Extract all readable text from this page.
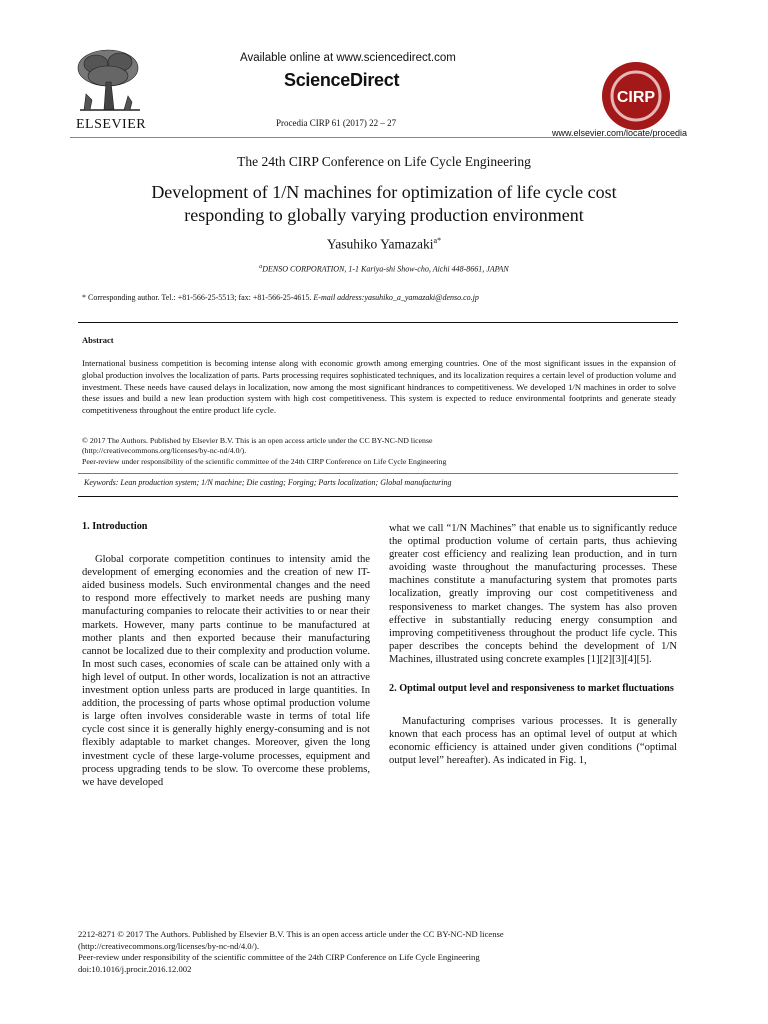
Available online at www.sciencedirect.com
ScienceDirect
Procedia CIRP 61 (2017) 22 – 27
ELSEVIER
CIRP
www.elsevier.com/locate/procedia
The 24th CIRP Conference on Life Cycle Engineering
Development of 1/N machines for optimization of life cycle cost
responding to globally varying production environment
Yasuhiko Yamazaki$^{a*}$
$^a$DENSO CORPORATION, 1-1 Kariya-shi Show-cho, Aichi 448-8661, JAPAN
* Corresponding author. Tel.: +81-566-25-5513; fax: +81-566-25-4615. E-mail address:yasuhiko_a_yamazaki@denso.co.jp
Abstract
International business competition is becoming intense along with economic growth among emerging countries. One of the most significant issues in the expansion of global production involves the localization of parts. Parts processing requires sophisticated techniques, and its localization requires a certain level of production volume and investment. These needs have caused delays in localization, now among the most significant hindrances to competitiveness. We developed 1/N machines in order to solve these issues and build a new lean production system with high cost competitiveness. This system is expected to reduce environmental footprints and generate steady competitiveness throughout the entire product life cycle.
© 2017 The Authors. Published by Elsevier B.V. This is an open access article under the CC BY-NC-ND license
(http://creativecommons.org/licenses/by-nc-nd/4.0/).
Peer-review under responsibility of the scientific committee of the 24th CIRP Conference on Life Cycle Engineering
Keywords: Lean production system; 1/N machine; Die casting; Forging; Parts localization; Global manufacturing

1. Introduction

Global corporate competition continues to intensity amid the development of emerging economies and the creation of new IT-aided business models. Such environmental changes and the need to respond more effectively to market needs are pushing many manufacturing companies to relocate their activities to or near their markets. However, many parts continue to be manufactured at mother plants and then exported because their manufacturing cannot be localized due to their complexity and production volume. In most such cases, economies of scale can be attained only with a high level of output. In other words, localization is not an attractive investment option unless parts are produced in large quantities. In addition, the processing of parts whose optimal production volume is large often involves considerable waste in terms of total life cycle cost since it is generally highly energy-consuming and is not flexibly adaptable to market changes. Moreover, given the long investment cycle of these large-volume processes, equipment and process upgrading tends to be slow. To overcome these problems, we have developed

what we call “1/N Machines” that enable us to significantly reduce the optimal production volume of certain parts, thus achieving greater cost efficiency and realizing lean production, and in turn avoiding waste throughout the manufacturing processes. These machines constitute a manufacturing system that promotes parts localization, greatly improving our cost competitiveness and responsiveness to market changes. The system has also proven effective in substantially reducing energy consumption and improving competitiveness throughout the product life cycle. This paper describes the concepts behind the development of 1/N Machines, illustrated using concrete examples [1][2][3][4][5].

2. Optimal output level and responsiveness to market fluctuations

Manufacturing comprises various processes. It is generally known that each process has an optimal level of output at which economic efficiency is attained under given conditions (“optimal output level” hereafter). As indicated in Fig. 1,

2212-8271 © 2017 The Authors. Published by Elsevier B.V. This is an open access article under the CC BY-NC-ND license
(http://creativecommons.org/licenses/by-nc-nd/4.0/).
Peer-review under responsibility of the scientific committee of the 24th CIRP Conference on Life Cycle Engineering
doi:10.1016/j.procir.2016.12.002
